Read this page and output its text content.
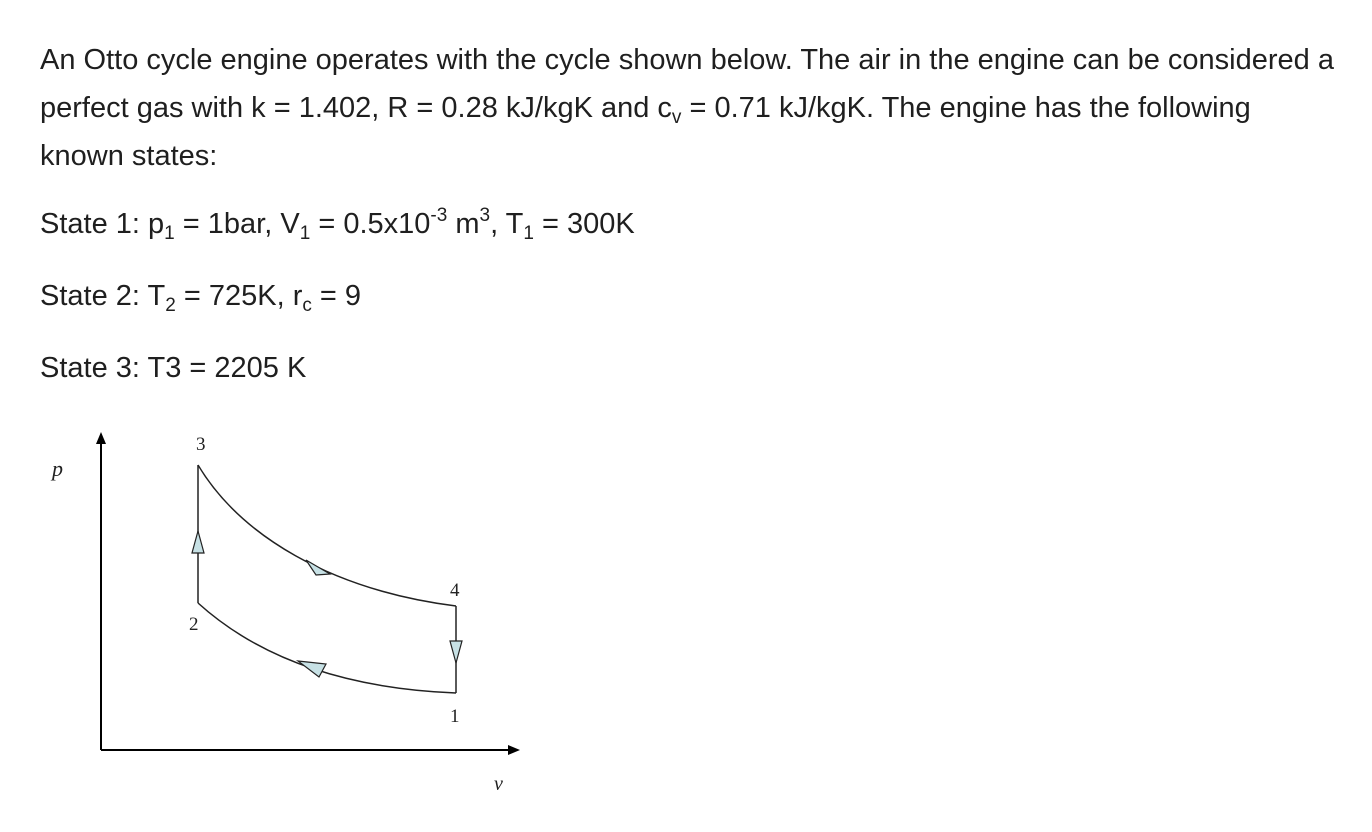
An Otto cycle engine operates with the cycle shown below. The air in the engine can be considered a perfect gas with k = 1.402, R = 0.28 kJ/kgK and $c_v = 0.71$ kJ/kgK. The engine has the following known states:

State 1: $p_1 = 1bar$, $V_1 = 0.5x10^{-3}$ $m^3$, $T_1 = 300K$

State 2: $T_2 = 725K$, $r_c = 9$

State 3: T3 = 2205 K

p
v
1
2
3
4
